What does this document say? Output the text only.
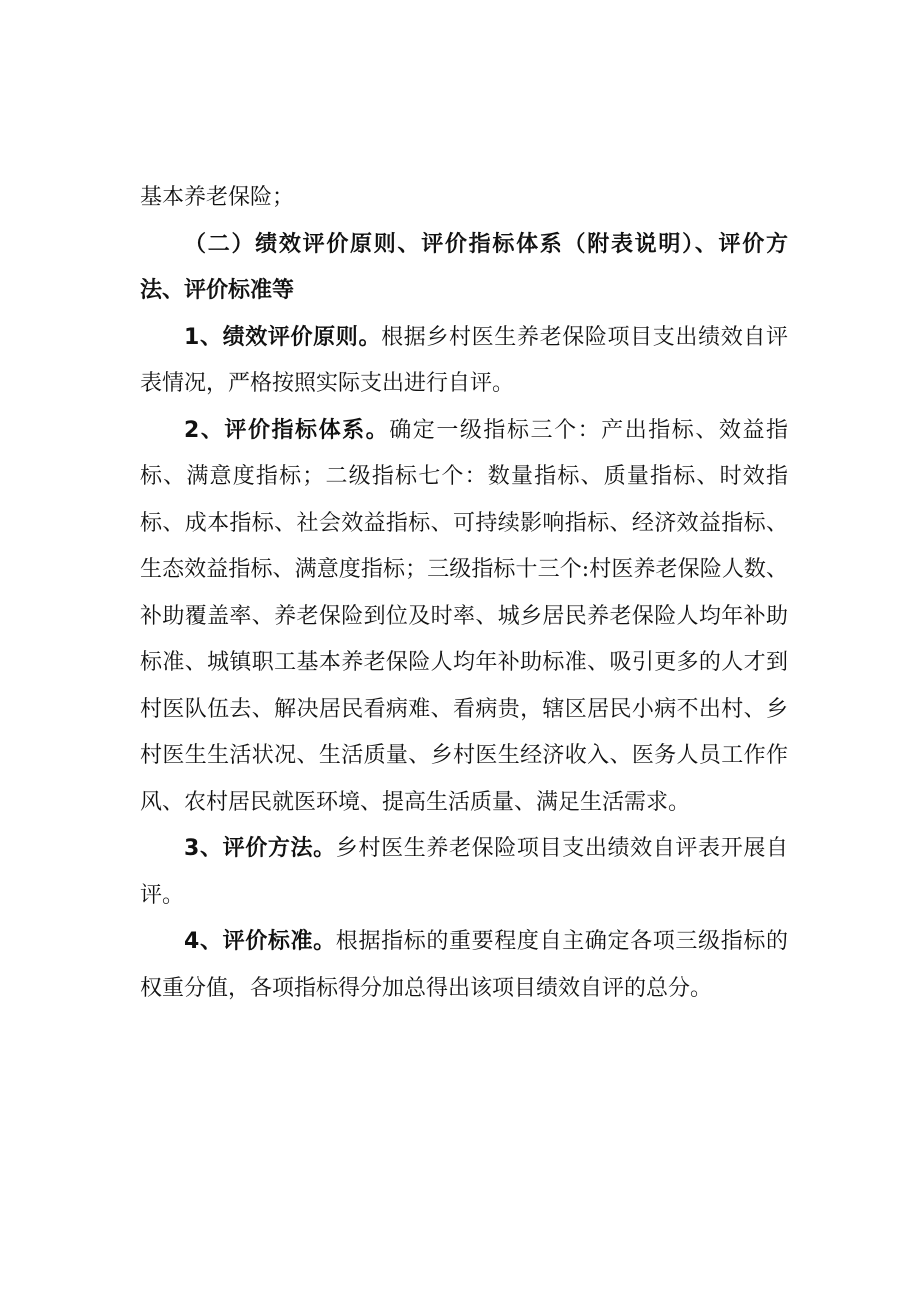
基本养老保险；

（二）绩效评价原则、评价指标体系（附表说明）、评价方法、评价标准等

1、绩效评价原则。根据乡村医生养老保险项目支出绩效自评表情况，严格按照实际支出进行自评。

2、评价指标体系。确定一级指标三个：产出指标、效益指标、满意度指标；二级指标七个：数量指标、质量指标、时效指标、成本指标、社会效益指标、可持续影响指标、经济效益指标、生态效益指标、满意度指标；三级指标十三个:村医养老保险人数、补助覆盖率、养老保险到位及时率、城乡居民养老保险人均年补助标准、城镇职工基本养老保险人均年补助标准、吸引更多的人才到村医队伍去、解决居民看病难、看病贵，辖区居民小病不出村、乡村医生生活状况、生活质量、乡村医生经济收入、医务人员工作作风、农村居民就医环境、提高生活质量、满足生活需求。

3、评价方法。乡村医生养老保险项目支出绩效自评表开展自评。

4、评价标准。根据指标的重要程度自主确定各项三级指标的权重分值，各项指标得分加总得出该项目绩效自评的总分。
